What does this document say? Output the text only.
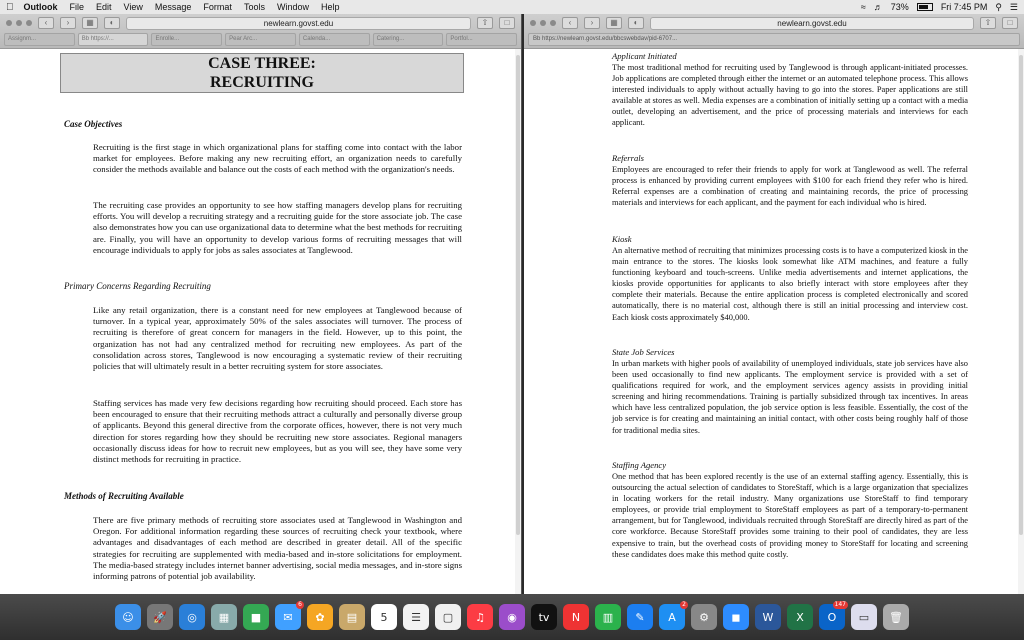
Outlook File Edit View Message Format Tools Window Help	≈ ♬ 73%	Fri 7:45 PM ⚲ ☰
‹	›	▦	◐	newlearn.govst.edu	⇧	□
Assignm...	Bb https://...	Enrolle...	Pear Arc...	Calenda...	Catering...	Portfol...
CASE THREE:
RECRUITING
Case Objectives
Recruiting is the first stage in which organizational plans for staffing come into contact with the labor market for employees. Before making any new recruiting effort, an organization needs to carefully consider the methods available and balance out the costs of each method with the organization's needs.
The recruiting case provides an opportunity to see how staffing managers develop plans for recruiting efforts. You will develop a recruiting strategy and a recruiting guide for the store associate job. The case also demonstrates how you can use organizational data to determine what the best methods for recruiting are. Finally, you will have an opportunity to develop various forms of recruiting messages that will encourage individuals to apply for jobs as sales associates at Tanglewood.
Primary Concerns Regarding Recruiting
Like any retail organization, there is a constant need for new employees at Tanglewood because of turnover. In a typical year, approximately 50% of the sales associates will turnover. The process of recruiting is therefore of great concern for managers in the field. However, up to this point, the organization has not had any centralized method for recruiting new employees. As part of the consolidation across stores, Tanglewood is now encouraging a systematic review of their recruiting policies that will ultimately result in a better recruiting system for store associates.
Staffing services has made very few decisions regarding how recruiting should proceed. Each store has been encouraged to ensure that their recruiting methods attract a culturally and personally diverse group of applicants. Beyond this general directive from the corporate offices, however, there is not very much direction for stores regarding how they should be recruiting new store associates. Regional managers occasionally discuss ideas for how to recruit new employees, but as you will see, they have some very distinct methods for recruiting in practice.
Methods of Recruiting Available
There are five primary methods of recruiting store associates used at Tanglewood in Washington and Oregon. For additional information regarding these sources of recruiting check your textbook, where advantages and disadvantages of each method are described in greater detail. All of the specific strategies for recruiting are supplemented with media-based and in-store solicitations for employment. The media-based strategy includes internet banner advertising, social media messages, and in-store signs informing patrons of potential job availability.
‹	›	▦	◐	newlearn.govst.edu	⇧	□
Bb https://newlearn.govst.edu/bbcswebdav/pid-6707...
Applicant Initiated
The most traditional method for recruiting used by Tanglewood is through applicant-initiated processes. Job applications are completed through either the internet or an automated telephone process. This allows interested individuals to apply without actually having to go into the stores. Paper applications are still available at stores as well. Media expenses are a combination of initially setting up a contact with a media outlet, developing an advertisement, and the price of processing materials and interviews for each applicant.
Referrals
Employees are encouraged to refer their friends to apply for work at Tanglewood as well. The referral process is enhanced by providing current employees with $100 for each friend they refer who is hired. Referral expenses are a combination of creating and maintaining records, the price of processing materials and interviews for each applicant, and the payment for each individual who is hired.
Kiosk
An alternative method of recruiting that minimizes processing costs is to have a computerized kiosk in the main entrance to the stores. The kiosks look somewhat like ATM machines, and feature a fully functioning keyboard and touch-screens. Unlike media advertisements and internet applications, the kiosks provide opportunities for applicants to also briefly interact with store employees after they complete their materials. Because the entire application process is completed electronically and scored automatically, there is no material cost, although there is still an initial processing and interview cost. Each kiosk costs approximately $40,000.
State Job Services
In urban markets with higher pools of availability of unemployed individuals, state job services have also been used occasionally to find new applicants. The employment service is provided with a set of qualifications required for work, and the employment services agency assists in providing initial screening and hiring recommendations. Training is partially subsidized through tax incentives. In areas which have less centralized population, the job service option is less feasible. Essentially, the cost of the job service is for creating and maintaining an initial contact, with other costs being roughly half of those for traditional media sites.
Staffing Agency
One method that has been explored recently is the use of an external staffing agency. Essentially, this is outsourcing the actual selection of candidates to StoreStaff, which is a large organization that specializes in locating workers for the retail industry. Many organizations use StoreStaff to find temporary employees, or provide trial employment to StoreStaff employees as part of a temporary-to-permanent arrangement, but for Tanglewood, individuals recruited through StoreStaff are directly hired as part of the core workforce. Because StoreStaff provides some training to their pool of candidates, they are less expensive to train, but the overhead costs of providing money to StoreStaff for locating and screening these candidates does make this method quite costly.
☺ 🚀 ◎ ▦ ■ ✉
6
✿ ▤ 5 ☰ ▢ ♫ ◉ tv N ▥ ✎ A
2
⚙ ◼ W X O
147
▭ 🗑
